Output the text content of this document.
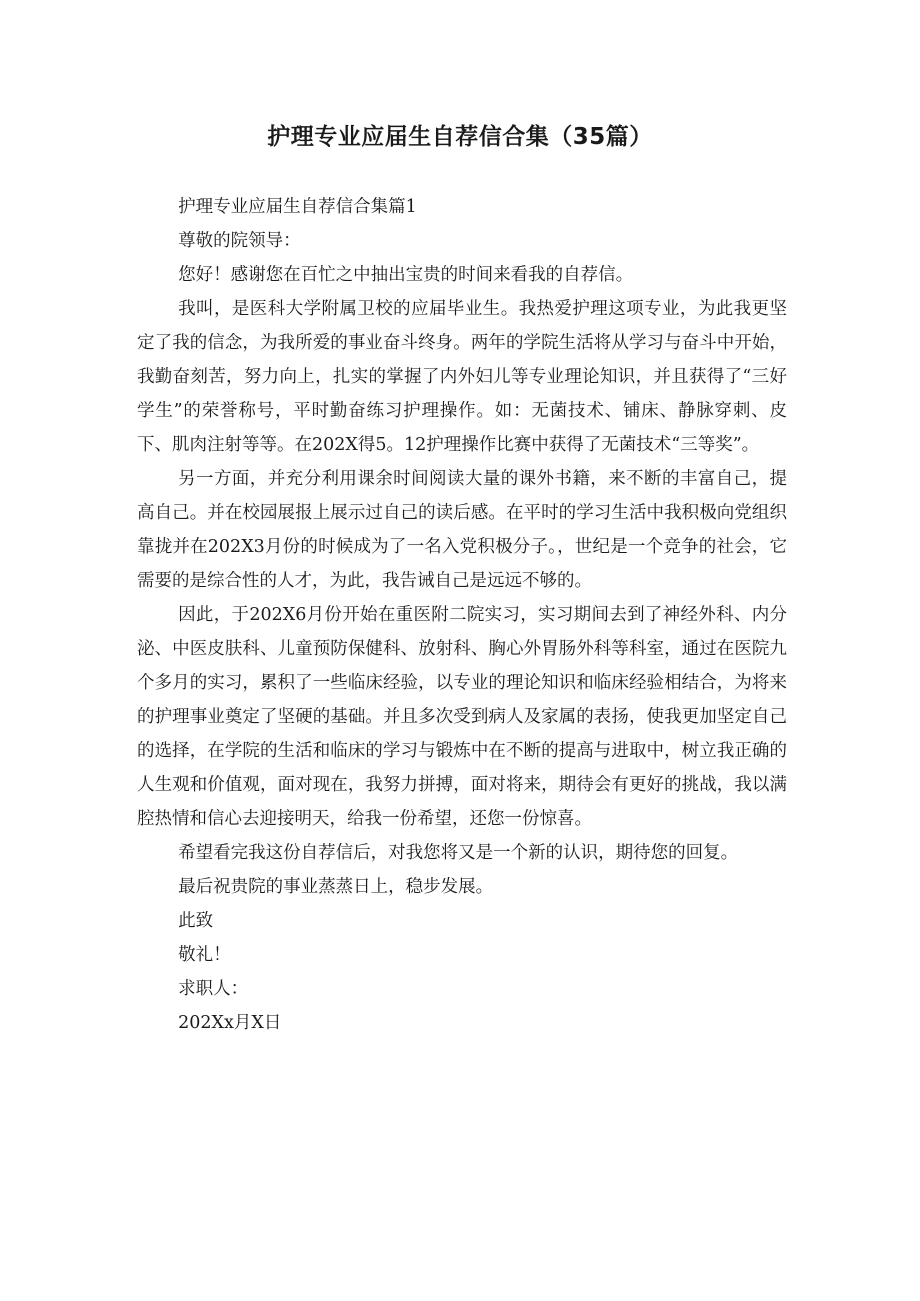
护理专业应届生自荐信合集（35篇）

护理专业应届生自荐信合集篇1

尊敬的院领导：

您好！感谢您在百忙之中抽出宝贵的时间来看我的自荐信。

我叫，是医科大学附属卫校的应届毕业生。我热爱护理这项专业，为此我更坚定了我的信念，为我所爱的事业奋斗终身。两年的学院生活将从学习与奋斗中开始，我勤奋刻苦，努力向上，扎实的掌握了内外妇儿等专业理论知识，并且获得了“三好学生”的荣誉称号，平时勤奋练习护理操作。如：无菌技术、铺床、静脉穿刺、皮下、肌肉注射等等。在202X得5。12护理操作比赛中获得了无菌技术“三等奖”。

另一方面，并充分利用课余时间阅读大量的课外书籍，来不断的丰富自己，提高自己。并在校园展报上展示过自己的读后感。在平时的学习生活中我积极向党组织靠拢并在202X3月份的时候成为了一名入党积极分子。，世纪是一个竞争的社会，它需要的是综合性的人才，为此，我告诫自己是远远不够的。

因此，于202X6月份开始在重医附二院实习，实习期间去到了神经外科、内分泌、中医皮肤科、儿童预防保健科、放射科、胸心外胃肠外科等科室，通过在医院九个多月的实习，累积了一些临床经验，以专业的理论知识和临床经验相结合，为将来的护理事业奠定了坚硬的基础。并且多次受到病人及家属的表扬，使我更加坚定自己的选择，在学院的生活和临床的学习与锻炼中在不断的提高与进取中，树立我正确的人生观和价值观，面对现在，我努力拼搏，面对将来，期待会有更好的挑战，我以满腔热情和信心去迎接明天，给我一份希望，还您一份惊喜。

希望看完我这份自荐信后，对我您将又是一个新的认识，期待您的回复。

最后祝贵院的事业蒸蒸日上，稳步发展。

此致

敬礼！

求职人：

202Xx月X日
